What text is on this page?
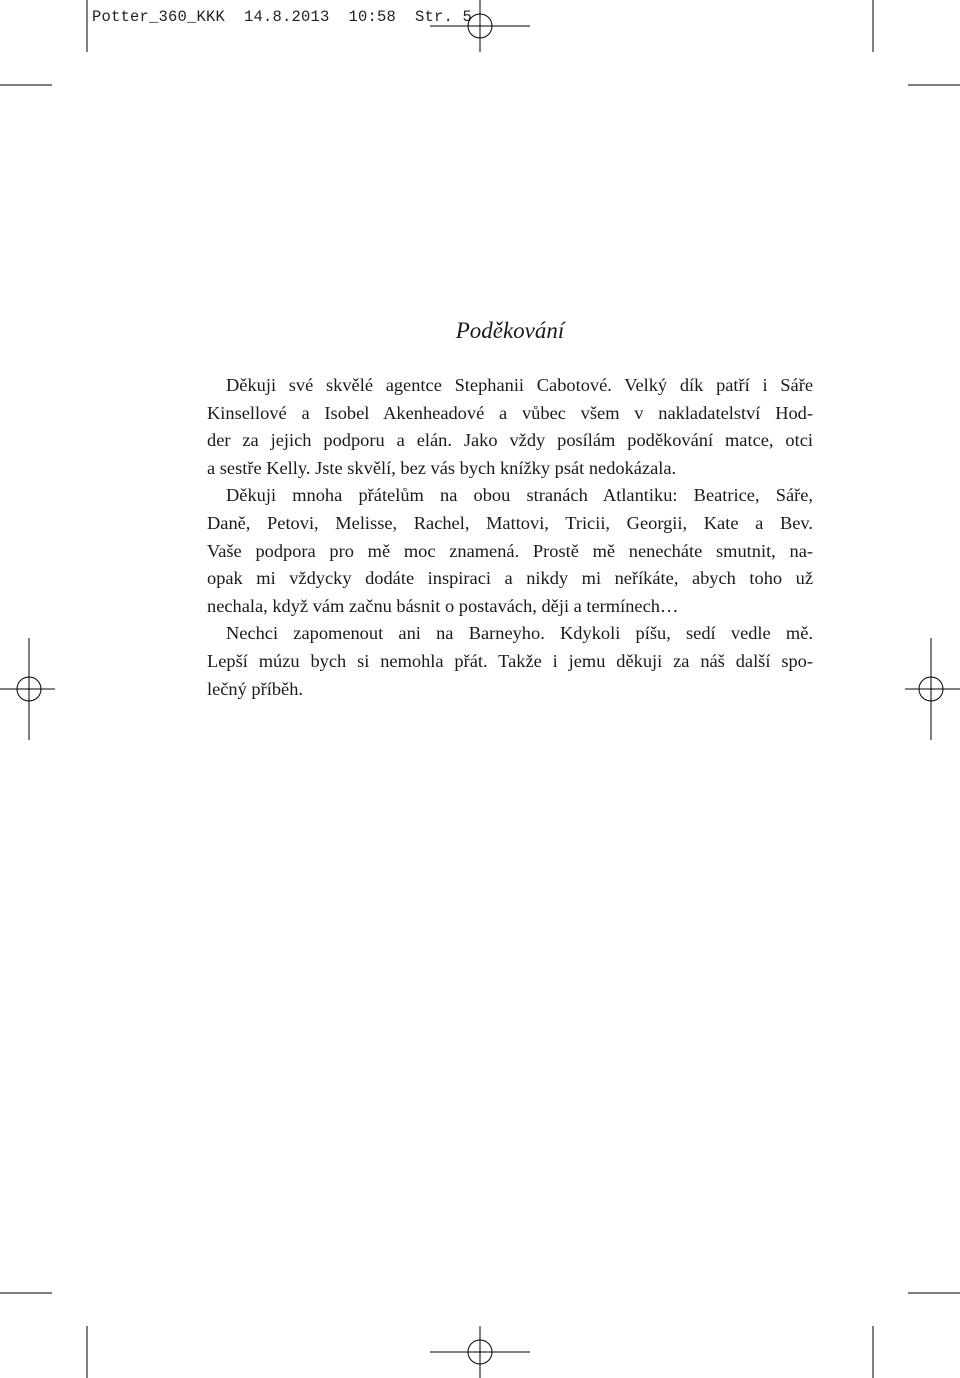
Potter_360_KKK  14.8.2013  10:58  Str. 5
Poděkování
Děkuji své skvělé agentce Stephanii Cabotové. Velký dík patří i Sáře
Kinsellové a Isobel Akenheadové a vůbec všem v nakladatelství Hod-
der za jejich podporu a elán. Jako vždy posílám poděkování matce, otci
a sestře Kelly. Jste skvělí, bez vás bych knížky psát nedokázala.
Děkuji mnoha přátelům na obou stranách Atlantiku: Beatrice, Sáře,
Daně, Petovi, Melisse, Rachel, Mattovi, Tricii, Georgii, Kate a Bev.
Vaše podpora pro mě moc znamená. Prostě mě nenecháte smutnit, na-
opak mi vždycky dodáte inspiraci a nikdy mi neříkáte, abych toho už
nechala, když vám začnu básnit o postavách, ději a termínech…
Nechci zapomenout ani na Barneyho. Kdykoli píšu, sedí vedle mě.
Lepší múzu bych si nemohla přát. Takže i jemu děkuji za náš další spo-
lečný příběh.
